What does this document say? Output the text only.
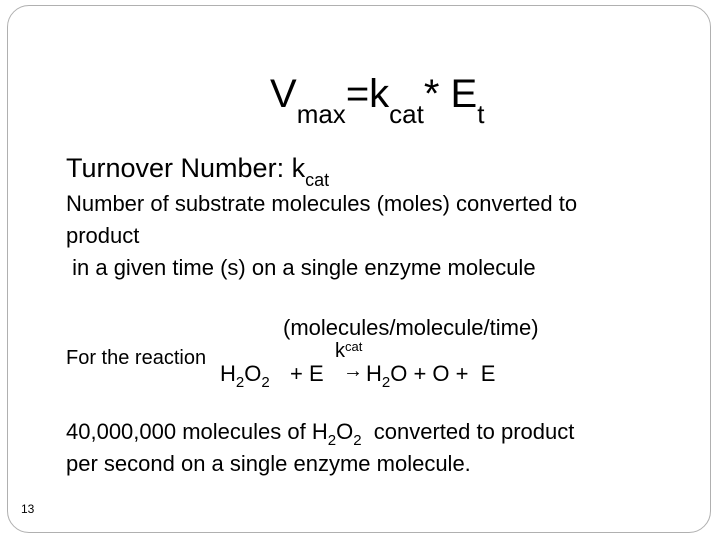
$V_{max}=k_{cat}*$ $E_t$
Turnover Number: $k_{cat}$
Number of substrate molecules (moles) converted to
product
in a given time (s) on a single enzyme molecule
(molecules/molecule/time)
For the reaction
$H_2O_2 + E$
$k^{cat}$
→ $H_2O + O + E$
40,000,000 molecules of $H_2O_2$  converted to product
per second on a single enzyme molecule.
13
